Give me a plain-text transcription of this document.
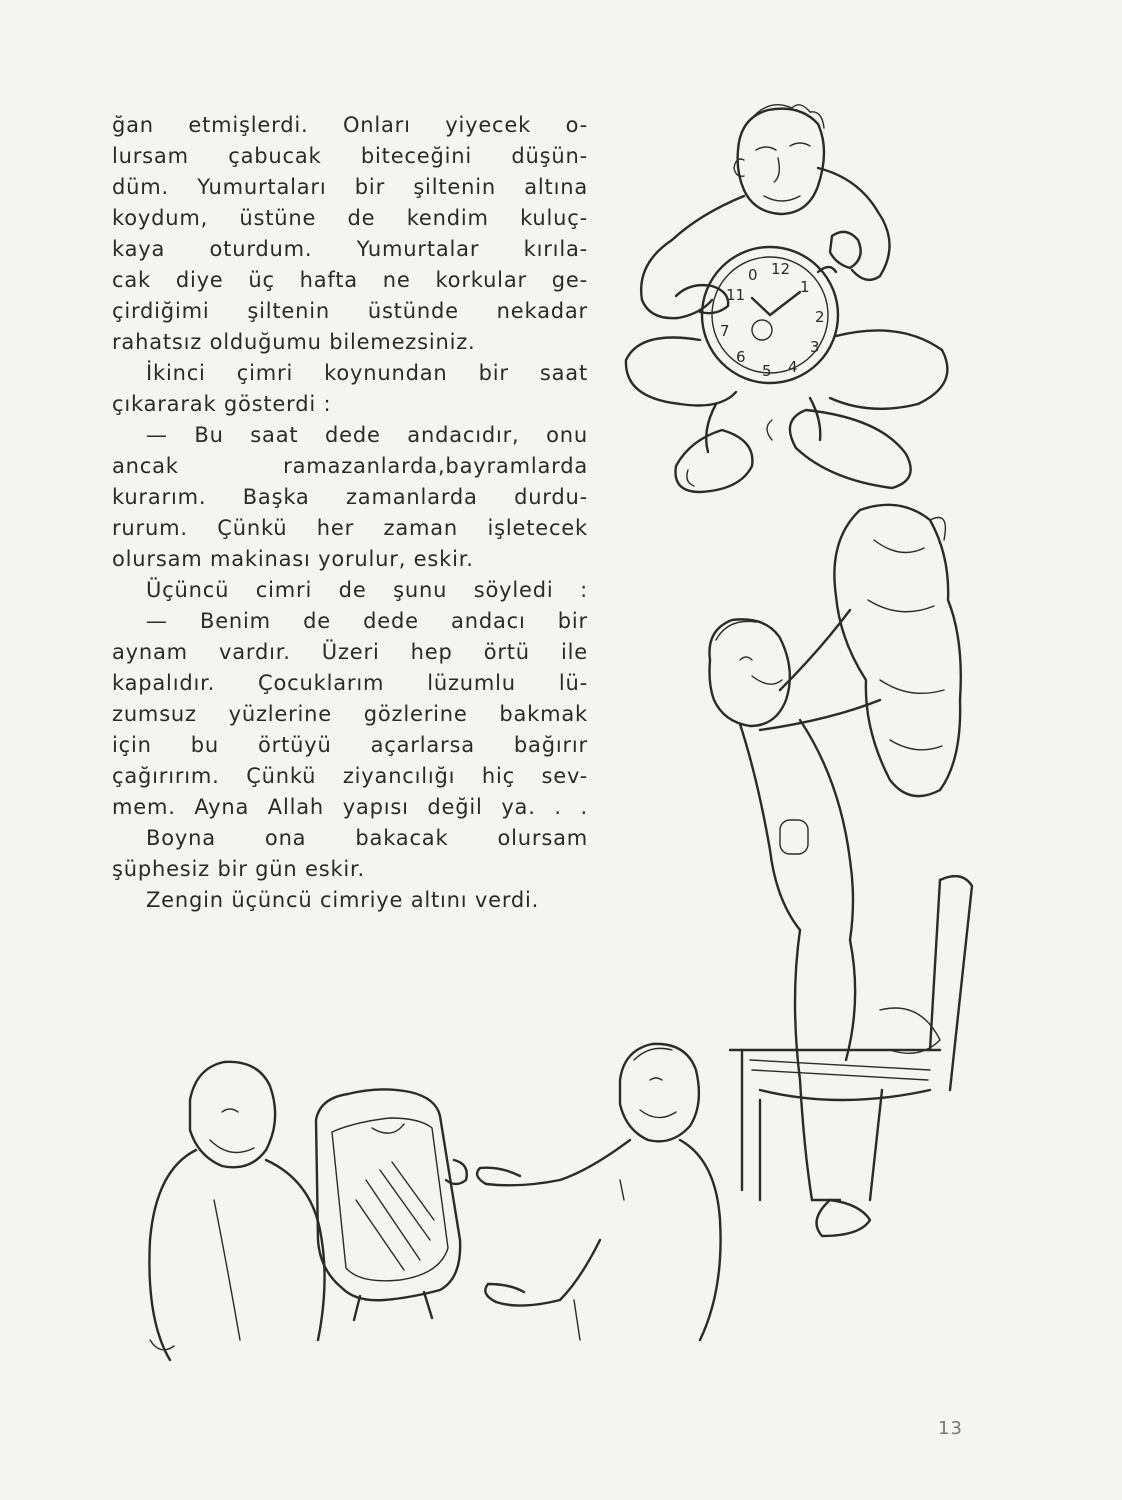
ğan etmişlerdi. Onları yiyecek o-
lursam çabucak biteceğini düşün-
düm. Yumurtaları bir şiltenin altına
koydum, üstüne de kendim kuluç-
kaya oturdum. Yumurtalar kırıla-
cak diye üç hafta ne korkular ge-
çirdiğimi şiltenin üstünde nekadar
rahatsız olduğumu bilemezsiniz.
İkinci çimri koynundan bir saat
çıkararak gösterdi :
— Bu saat dede andacıdır, onu
ancak ramazanlarda,bayramlarda
kurarım. Başka zamanlarda durdu-
rurum. Çünkü her zaman işletecek
olursam makinası yorulur, eskir.
Üçüncü cimri de şunu söyledi :
— Benim de dede andacı bir
aynam vardır. Üzeri hep örtü ile
kapalıdır. Çocuklarım lüzumlu lü-
zumsuz yüzlerine gözlerine bakmak
için bu örtüyü açarlarsa bağırır
çağırırım. Çünkü ziyancılığı hiç sev-
mem. Ayna Allah yapısı değil ya. . .
Boyna ona bakacak olursam
şüphesiz bir gün eskir.
Zengin üçüncü cimriye altını verdi.
12
1
2
3
4
5
6
7
0
11
13
